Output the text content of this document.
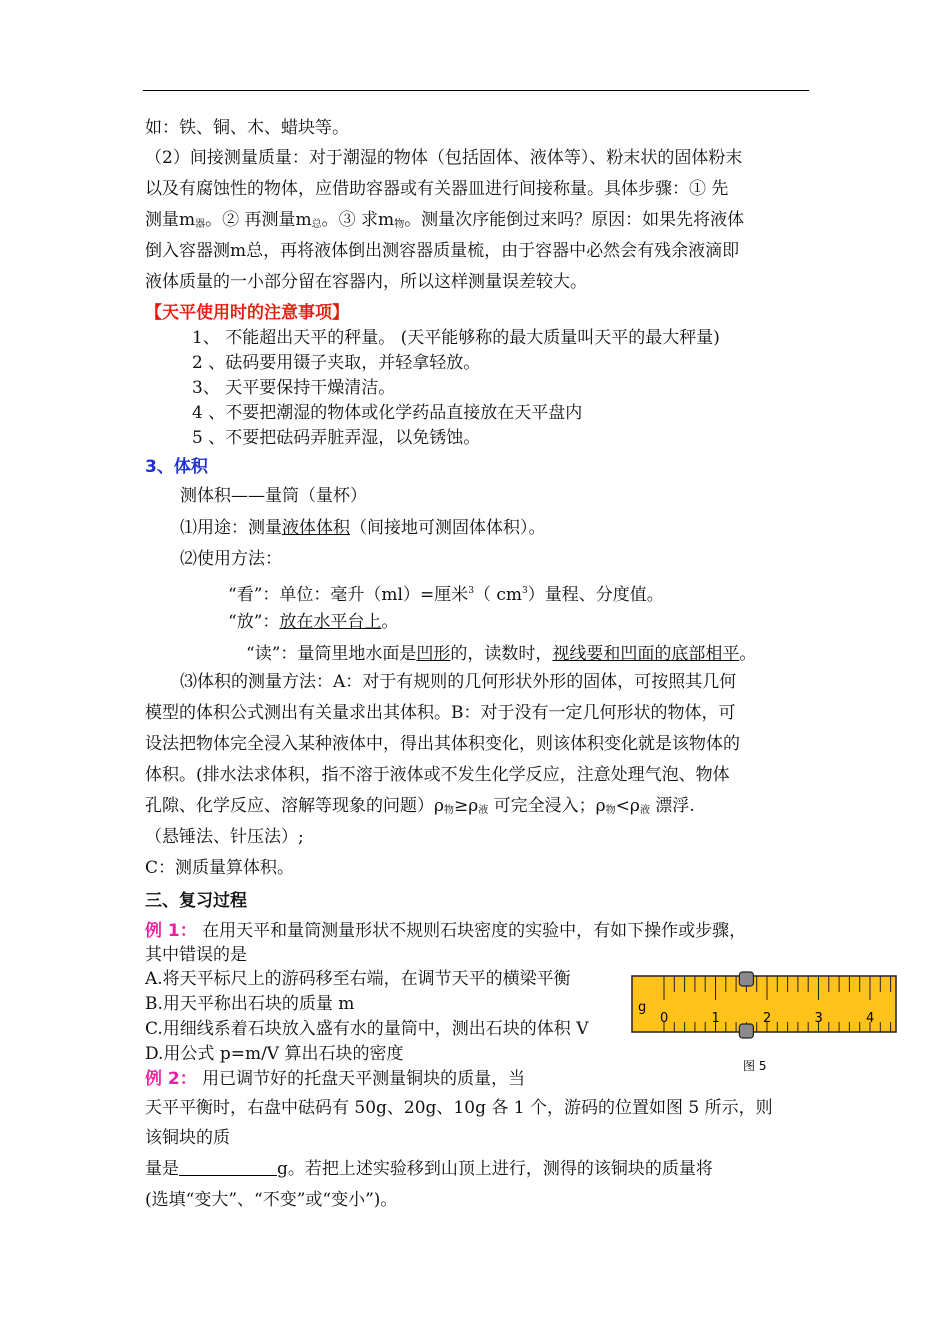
如：铁、铜、木、蜡块等。
（2）间接测量质量：对于潮湿的物体（包括固体、液体等）、粉末状的固体粉末
以及有腐蚀性的物体，应借助容器或有关器皿进行间接称量。具体步骤：① 先
测量$m_器$。② 再测量$m_总$。③ 求$m_物$。测量次序能倒过来吗？原因：如果先将液体
倒入容器测m总，再将液体倒出测容器质量梳，由于容器中必然会有残余液滴即
液体质量的一小部分留在容器内，所以这样测量误差较大。
【天平使用时的注意事项】
1、 不能超出天平的秤量。 (天平能够称的最大质量叫天平的最大秤量)
2 、砝码要用镊子夹取，并轻拿轻放。
3、 天平要保持干燥清洁。
4 、不要把潮湿的物体或化学药品直接放在天平盘内
5 、不要把砝码弄脏弄湿，以免锈蚀。
3、体积
测体积——量筒（量杯）
⑴用途：测量液体体积（间接地可测固体体积）。
⑵使用方法：
“看”：单位：毫升（ml）=厘米$^3$（ $cm^3$）量程、分度值。
“放”：放在水平台上。
“读”：量筒里地水面是凹形的，读数时，视线要和凹面的底部相平。
⑶体积的测量方法：A：对于有规则的几何形状外形的固体，可按照其几何
模型的体积公式测出有关量求出其体积。B：对于没有一定几何形状的物体，可
设法把物体完全浸入某种液体中，得出其体积变化，则该体积变化就是该物体的
体积。(排水法求体积，指不溶于液体或不发生化学反应，注意处理气泡、物体
孔隙、化学反应、溶解等现象的问题）$\rho_物\ge\rho_液$ 可完全浸入；$\rho_物<\rho_液$ 漂浮.
（悬锤法、针压法）;
C：测质量算体积。
三、复习过程
例 1： 在用天平和量筒测量形状不规则石块密度的实验中，有如下操作或步骤，
其中错误的是
A.将天平标尺上的游码移至右端，在调节天平的横梁平衡
B.用天平称出石块的质量 m
C.用细线系着石块放入盛有水的量筒中，测出石块的体积 V
D.用公式 p=m/V 算出石块的密度
例 2： 用已调节好的托盘天平测量铜块的质量，当
天平平衡时，右盘中砝码有 50g、20g、10g 各 1 个，游码的位置如图 5 所示，则
该铜块的质
量是	g。若把上述实验移到山顶上进行，测得的该铜块的质量将
(选填“变大”、“不变”或“变小”)。
g
0	1	2	3	4
图 5
